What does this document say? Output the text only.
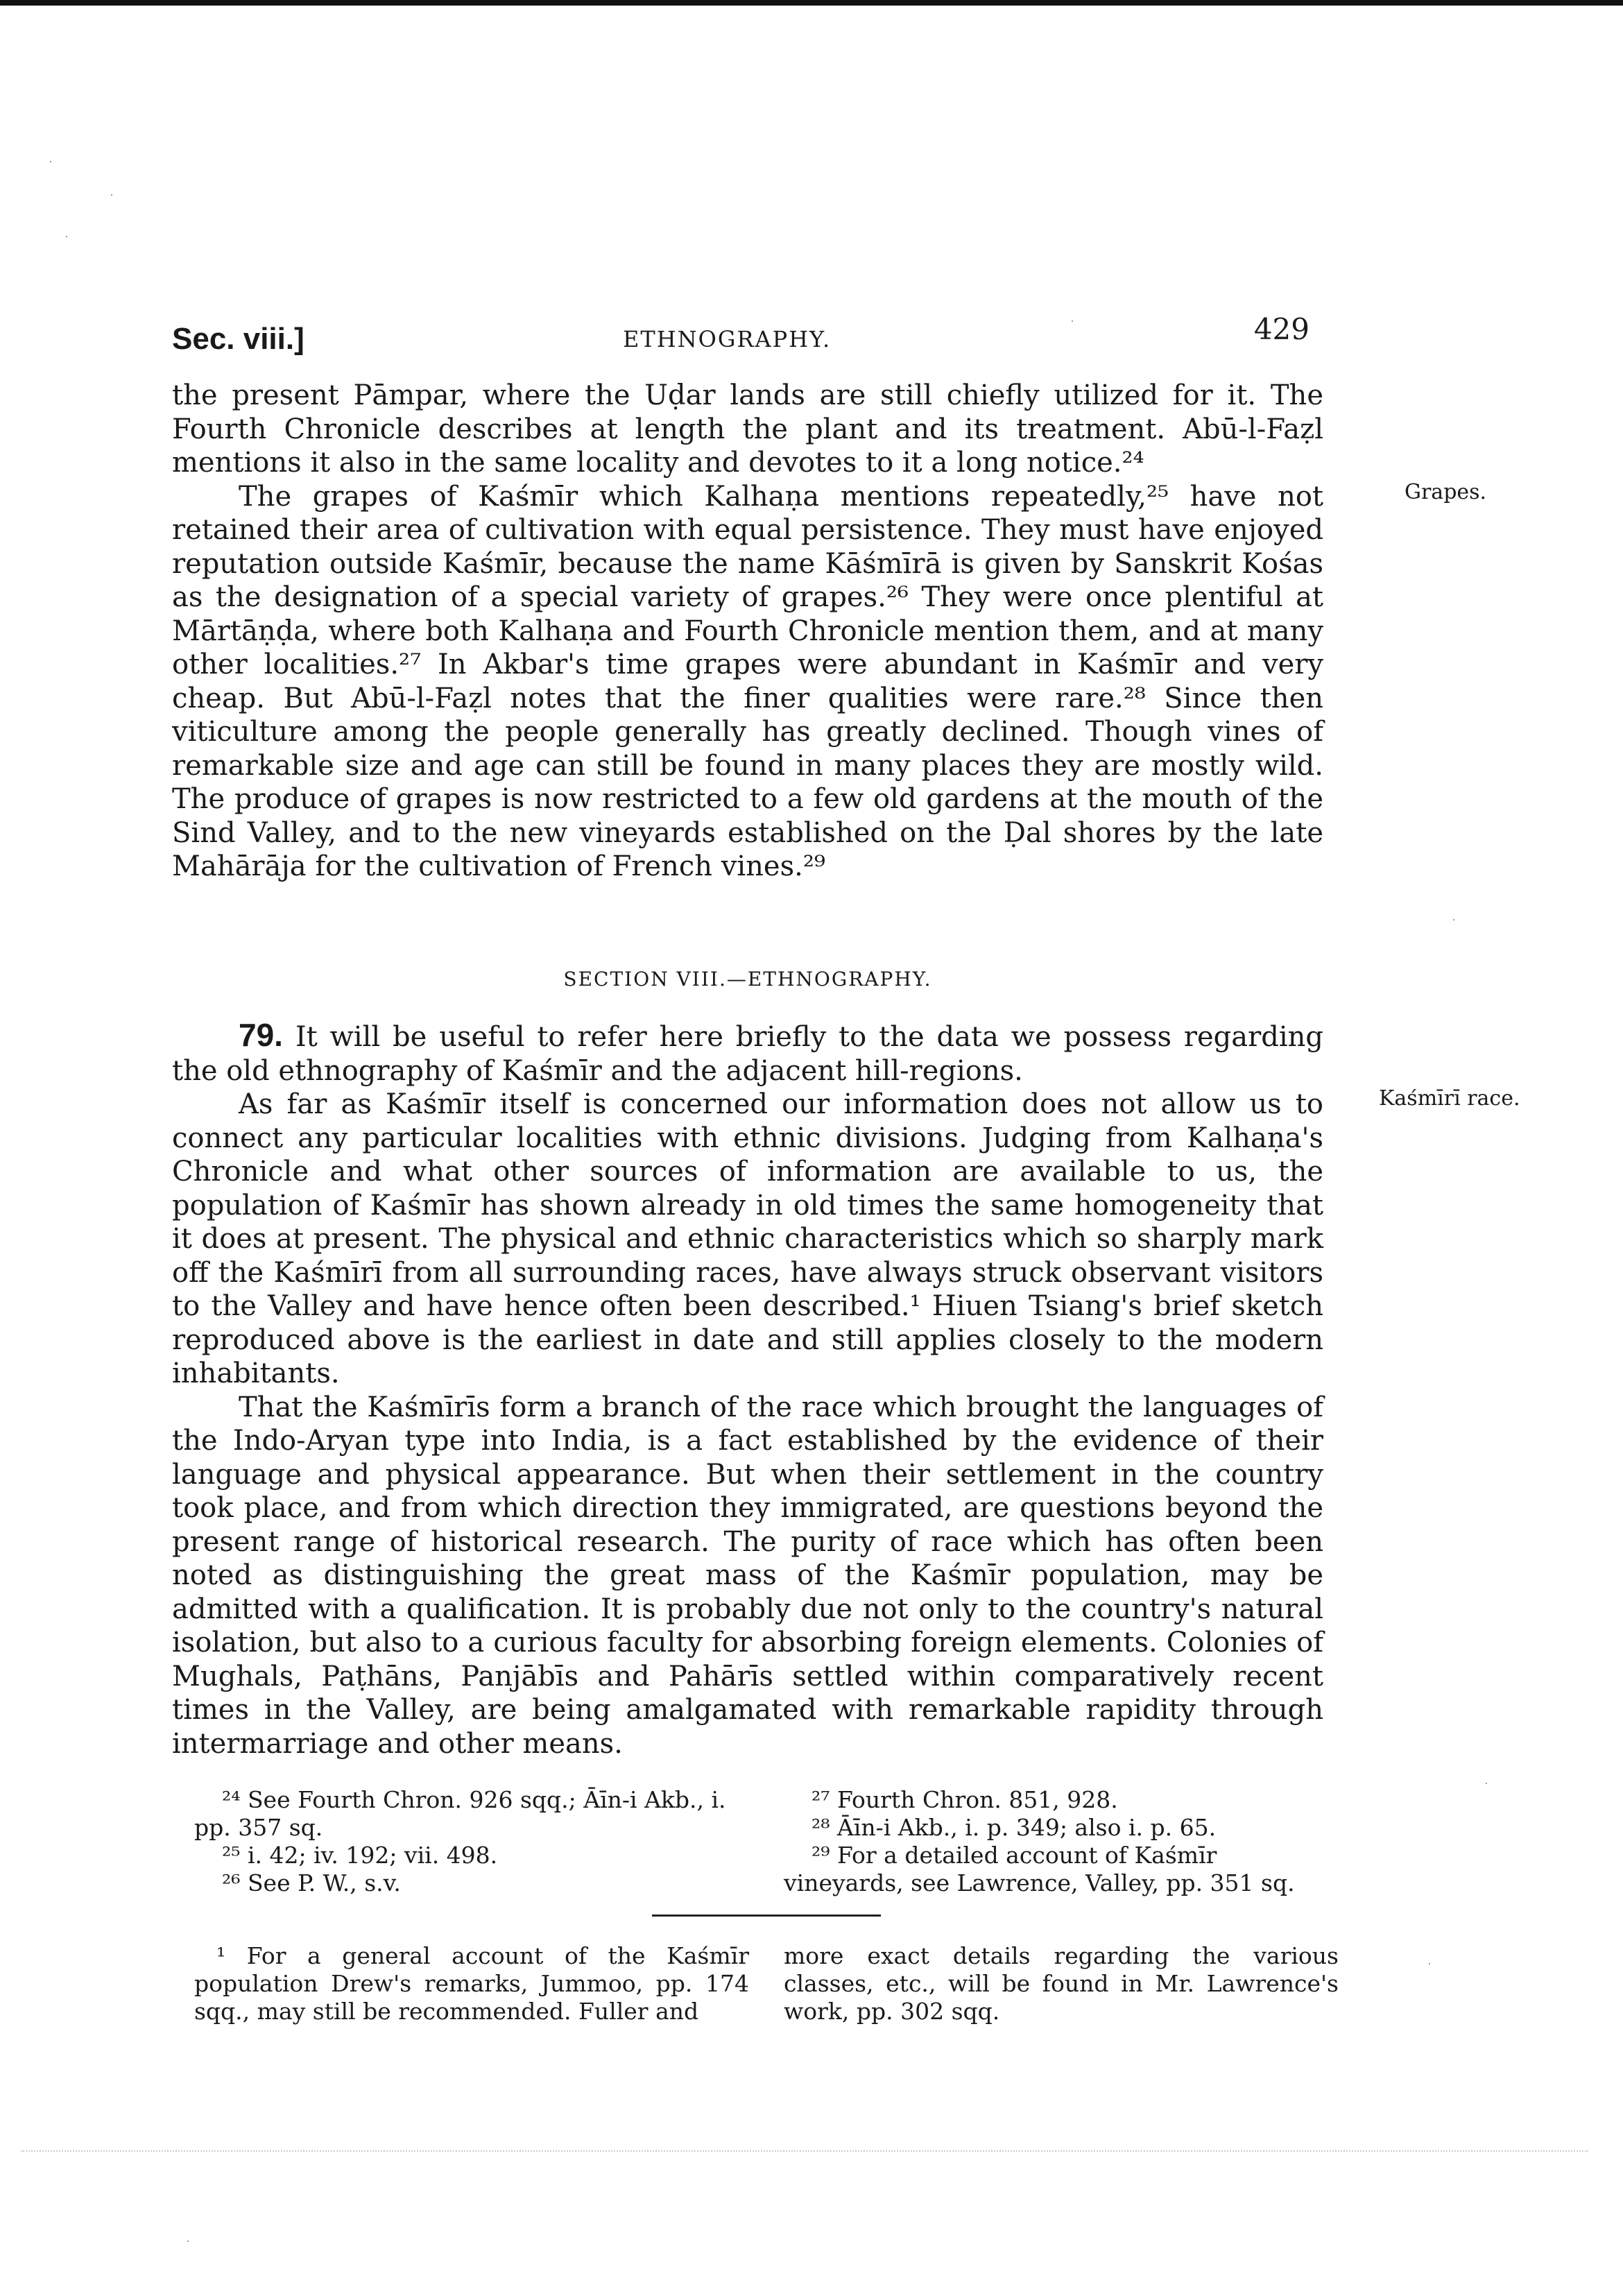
Sec. viii.]	ETHNOGRAPHY.	429

the present Pāmpar, where the Uḍar lands are still chiefly utilized for it. The Fourth Chronicle describes at length the plant and its treatment. Abū-l-Faẓl mentions it also in the same locality and devotes to it a long notice.²⁴

The grapes of Kaśmīr which Kalhaṇa mentions repeatedly,²⁵ have not retained their area of cultivation with equal persistence. They must have enjoyed reputation outside Kaśmīr, because the name Kāśmīrā is given by Sanskrit Kośas as the designation of a special variety of grapes.²⁶ They were once plentiful at Mārtāṇḍa, where both Kalhaṇa and Fourth Chronicle mention them, and at many other localities.²⁷ In Akbar's time grapes were abundant in Kaśmīr and very cheap. But Abū-l-Faẓl notes that the finer qualities were rare.²⁸ Since then viticulture among the people generally has greatly declined. Though vines of remarkable size and age can still be found in many places they are mostly wild. The produce of grapes is now restricted to a few old gardens at the mouth of the Sind Valley, and to the new vineyards established on the Ḍal shores by the late Mahārāja for the cultivation of French vines.²⁹

Grapes.
SECTION VIII.—ETHNOGRAPHY.

79. It will be useful to refer here briefly to the data we possess regarding the old ethnography of Kaśmīr and the adjacent hill-regions.

As far as Kaśmīr itself is concerned our information does not allow us to connect any particular localities with ethnic divisions. Judging from Kalhaṇa's Chronicle and what other sources of information are available to us, the population of Kaśmīr has shown already in old times the same homogeneity that it does at present. The physical and ethnic characteristics which so sharply mark off the Kaśmīrī from all surrounding races, have always struck observant visitors to the Valley and have hence often been described.¹ Hiuen Tsiang's brief sketch reproduced above is the earliest in date and still applies closely to the modern inhabitants.

That the Kaśmīrīs form a branch of the race which brought the languages of the Indo-Aryan type into India, is a fact established by the evidence of their language and physical appearance. But when their settlement in the country took place, and from which direction they immigrated, are questions beyond the present range of historical research. The purity of race which has often been noted as distinguishing the great mass of the Kaśmīr population, may be admitted with a qualification. It is probably due not only to the country's natural isolation, but also to a curious faculty for absorbing foreign elements. Colonies of Mughals, Paṭhāns, Panjābīs and Pahārīs settled within comparatively recent times in the Valley, are being amalgamated with remarkable rapidity through intermarriage and other means.

Kaśmīrī race.

²⁴ See Fourth Chron. 926 sqq.; Āīn-i Akb., i. pp. 357 sq.

²⁵ i. 42; iv. 192; vii. 498.

²⁶ See P. W., s.v.

²⁷ Fourth Chron. 851, 928.

²⁸ Āīn-i Akb., i. p. 349; also i. p. 65.

²⁹ For a detailed account of Kaśmīr vineyards, see Lawrence, Valley, pp. 351 sq.

¹ For a general account of the Kaśmīr population Drew's remarks, Jummoo, pp. 174 sqq., may still be recommended. Fuller and

more exact details regarding the various classes, etc., will be found in Mr. Lawrence's work, pp. 302 sqq.
